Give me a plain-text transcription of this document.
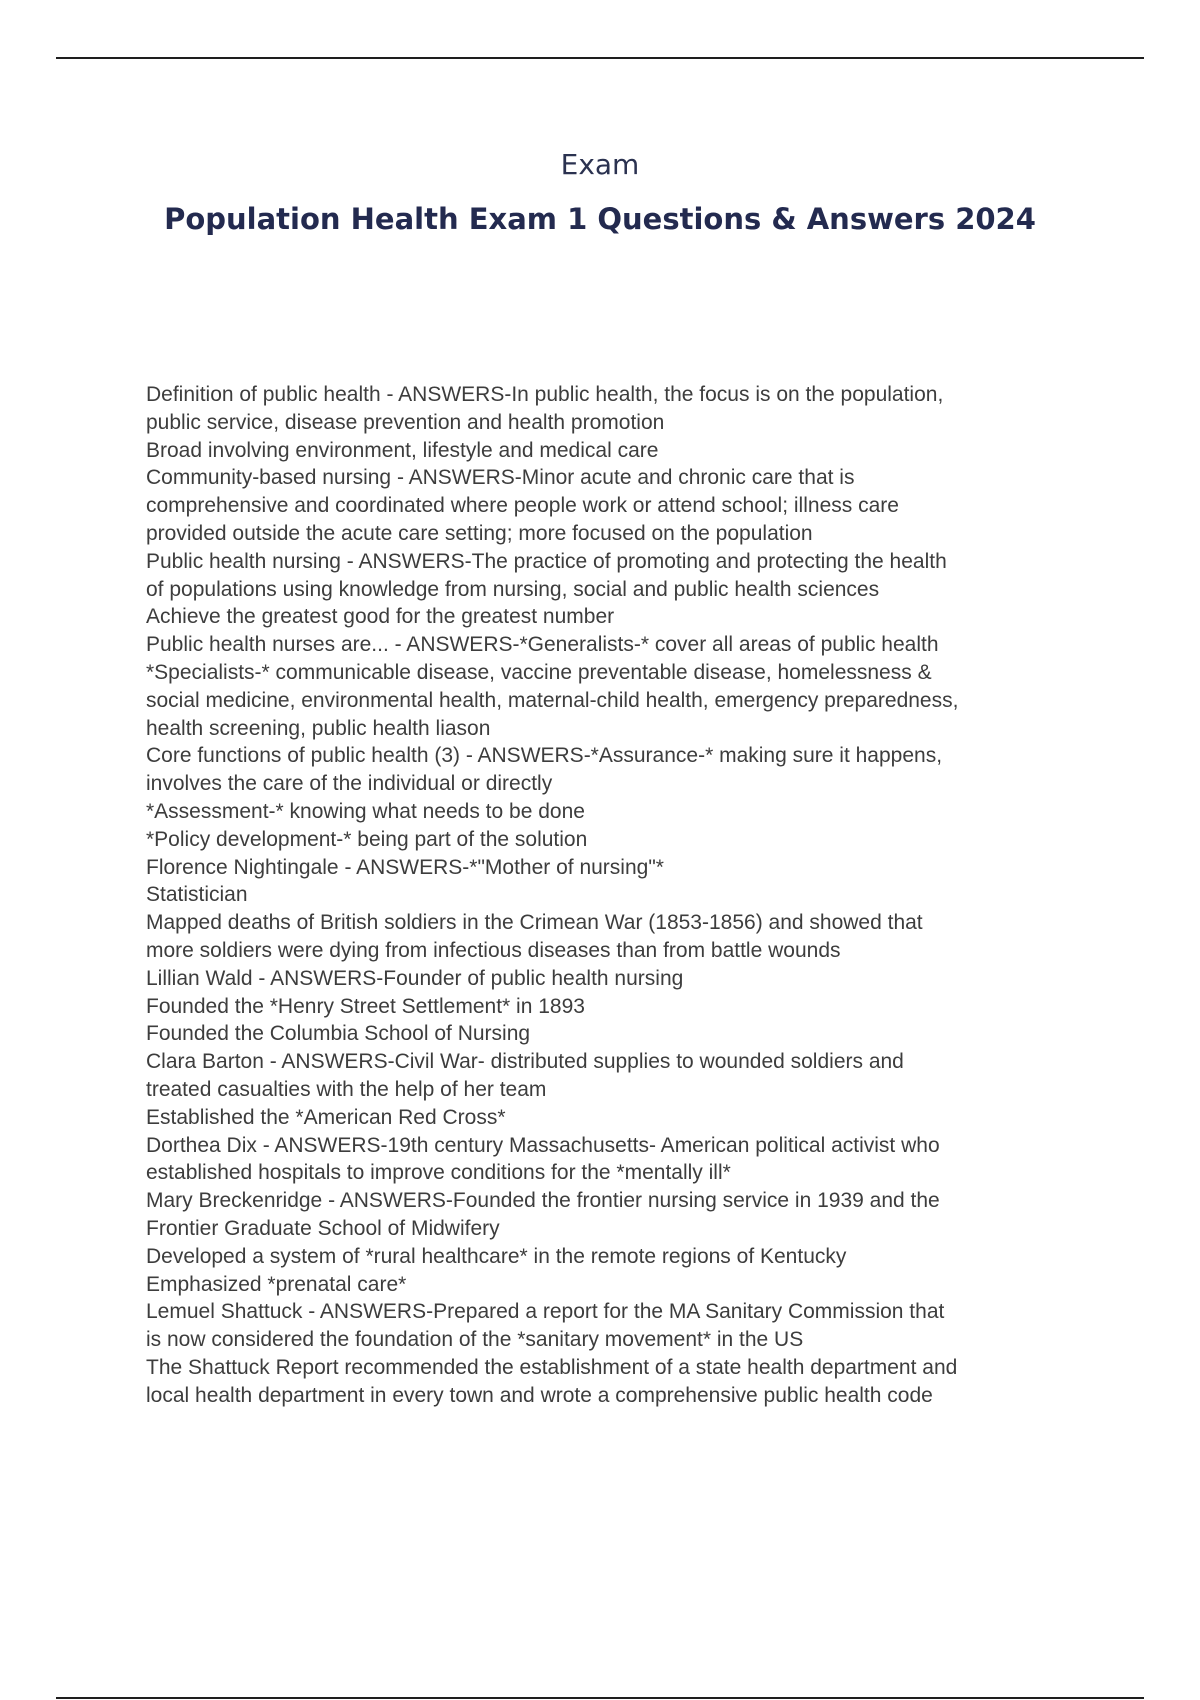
Exam
Population Health Exam 1 Questions & Answers 2024
Definition of public health - ANSWERS-In public health, the focus is on the population,
public service, disease prevention and health promotion
Broad involving environment, lifestyle and medical care
Community-based nursing - ANSWERS-Minor acute and chronic care that is
comprehensive and coordinated where people work or attend school; illness care
provided outside the acute care setting; more focused on the population
Public health nursing - ANSWERS-The practice of promoting and protecting the health
of populations using knowledge from nursing, social and public health sciences
Achieve the greatest good for the greatest number
Public health nurses are... - ANSWERS-*Generalists-* cover all areas of public health
*Specialists-* communicable disease, vaccine preventable disease, homelessness &
social medicine, environmental health, maternal-child health, emergency preparedness,
health screening, public health liason
Core functions of public health (3) - ANSWERS-*Assurance-* making sure it happens,
involves the care of the individual or directly
*Assessment-* knowing what needs to be done
*Policy development-* being part of the solution
Florence Nightingale - ANSWERS-*"Mother of nursing"*
Statistician
Mapped deaths of British soldiers in the Crimean War (1853-1856) and showed that
more soldiers were dying from infectious diseases than from battle wounds
Lillian Wald - ANSWERS-Founder of public health nursing
Founded the *Henry Street Settlement* in 1893
Founded the Columbia School of Nursing
Clara Barton - ANSWERS-Civil War- distributed supplies to wounded soldiers and
treated casualties with the help of her team
Established the *American Red Cross*
Dorthea Dix - ANSWERS-19th century Massachusetts- American political activist who
established hospitals to improve conditions for the *mentally ill*
Mary Breckenridge - ANSWERS-Founded the frontier nursing service in 1939 and the
Frontier Graduate School of Midwifery
Developed a system of *rural healthcare* in the remote regions of Kentucky
Emphasized *prenatal care*
Lemuel Shattuck - ANSWERS-Prepared a report for the MA Sanitary Commission that
is now considered the foundation of the *sanitary movement* in the US
The Shattuck Report recommended the establishment of a state health department and
local health department in every town and wrote a comprehensive public health code
